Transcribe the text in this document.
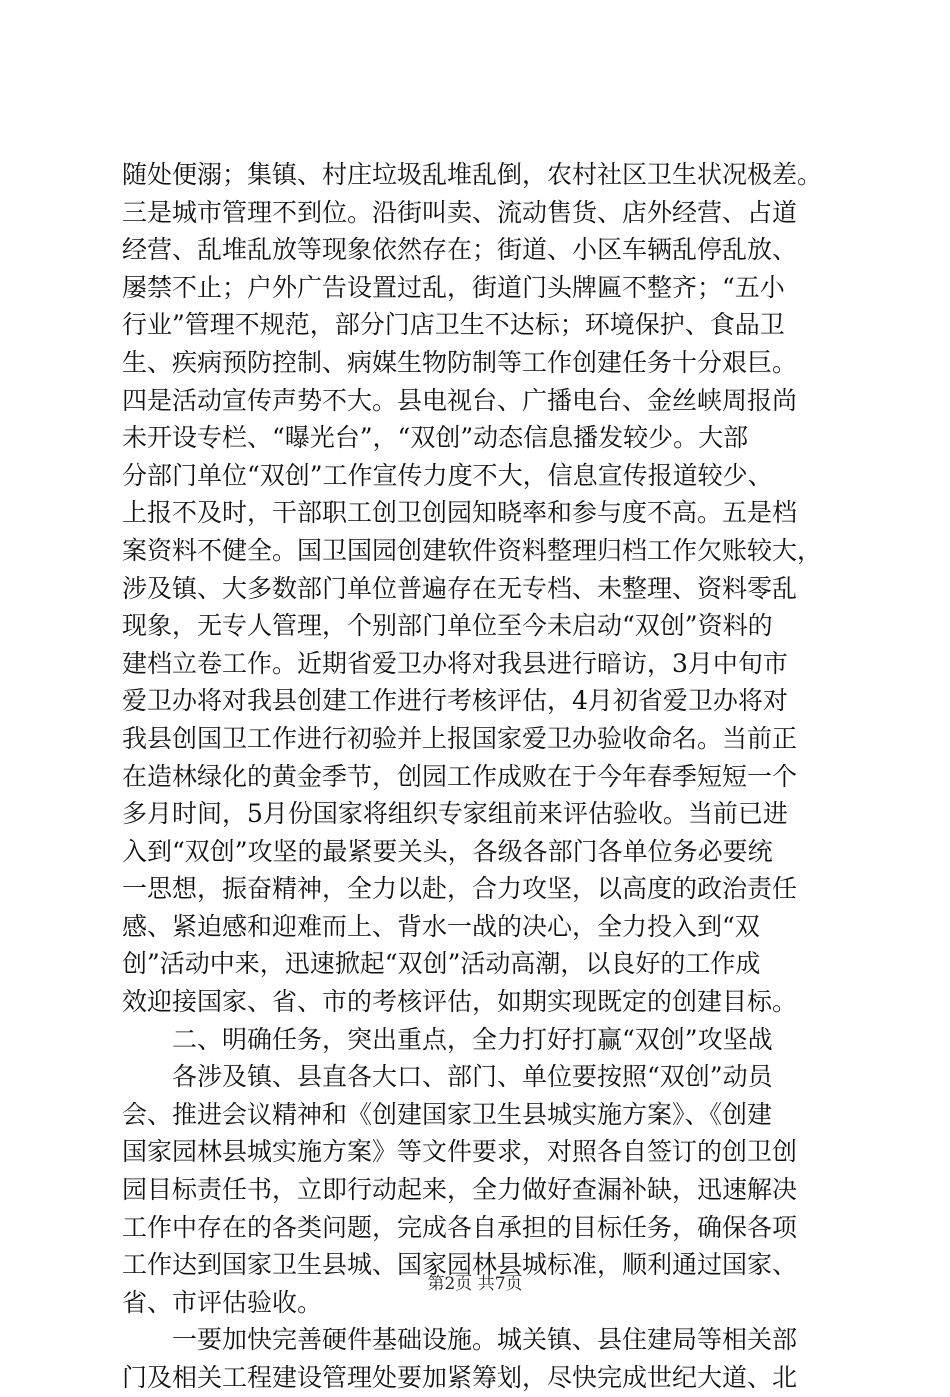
随处便溺；集镇、村庄垃圾乱堆乱倒，农村社区卫生状况极差。
三是城市管理不到位。沿街叫卖、流动售货、店外经营、占道
经营、乱堆乱放等现象依然存在；街道、小区车辆乱停乱放、
屡禁不止；户外广告设置过乱，街道门头牌匾不整齐；“五小
行业”管理不规范，部分门店卫生不达标；环境保护、食品卫
生、疾病预防控制、病媒生物防制等工作创建任务十分艰巨。
四是活动宣传声势不大。县电视台、广播电台、金丝峡周报尚
未开设专栏、“曝光台”，“双创”动态信息播发较少。大部
分部门单位“双创”工作宣传力度不大，信息宣传报道较少、
上报不及时，干部职工创卫创园知晓率和参与度不高。五是档
案资料不健全。国卫国园创建软件资料整理归档工作欠账较大，
涉及镇、大多数部门单位普遍存在无专档、未整理、资料零乱
现象，无专人管理，个别部门单位至今未启动“双创”资料的
建档立卷工作。近期省爱卫办将对我县进行暗访，3月中旬市
爱卫办将对我县创建工作进行考核评估，4月初省爱卫办将对
我县创国卫工作进行初验并上报国家爱卫办验收命名。当前正
在造林绿化的黄金季节，创园工作成败在于今年春季短短一个
多月时间，5月份国家将组织专家组前来评估验收。当前已进
入到“双创”攻坚的最紧要关头，各级各部门各单位务必要统
一思想，振奋精神，全力以赴，合力攻坚，以高度的政治责任
感、紧迫感和迎难而上、背水一战的决心，全力投入到“双
创”活动中来，迅速掀起“双创”活动高潮，以良好的工作成
效迎接国家、省、市的考核评估，如期实现既定的创建目标。
二、明确任务，突出重点，全力打好打赢“双创”攻坚战
各涉及镇、县直各大口、部门、单位要按照“双创”动员
会、推进会议精神和《创建国家卫生县城实施方案》、《创建
国家园林县城实施方案》等文件要求，对照各自签订的创卫创
园目标责任书，立即行动起来，全力做好查漏补缺，迅速解决
工作中存在的各类问题，完成各自承担的目标任务，确保各项
工作达到国家卫生县城、国家园林县城标准，顺利通过国家、
省、市评估验收。
一要加快完善硬件基础设施。城关镇、县住建局等相关部
门及相关工程建设管理处要加紧筹划，尽快完成世纪大道、北
第2页 共7页
